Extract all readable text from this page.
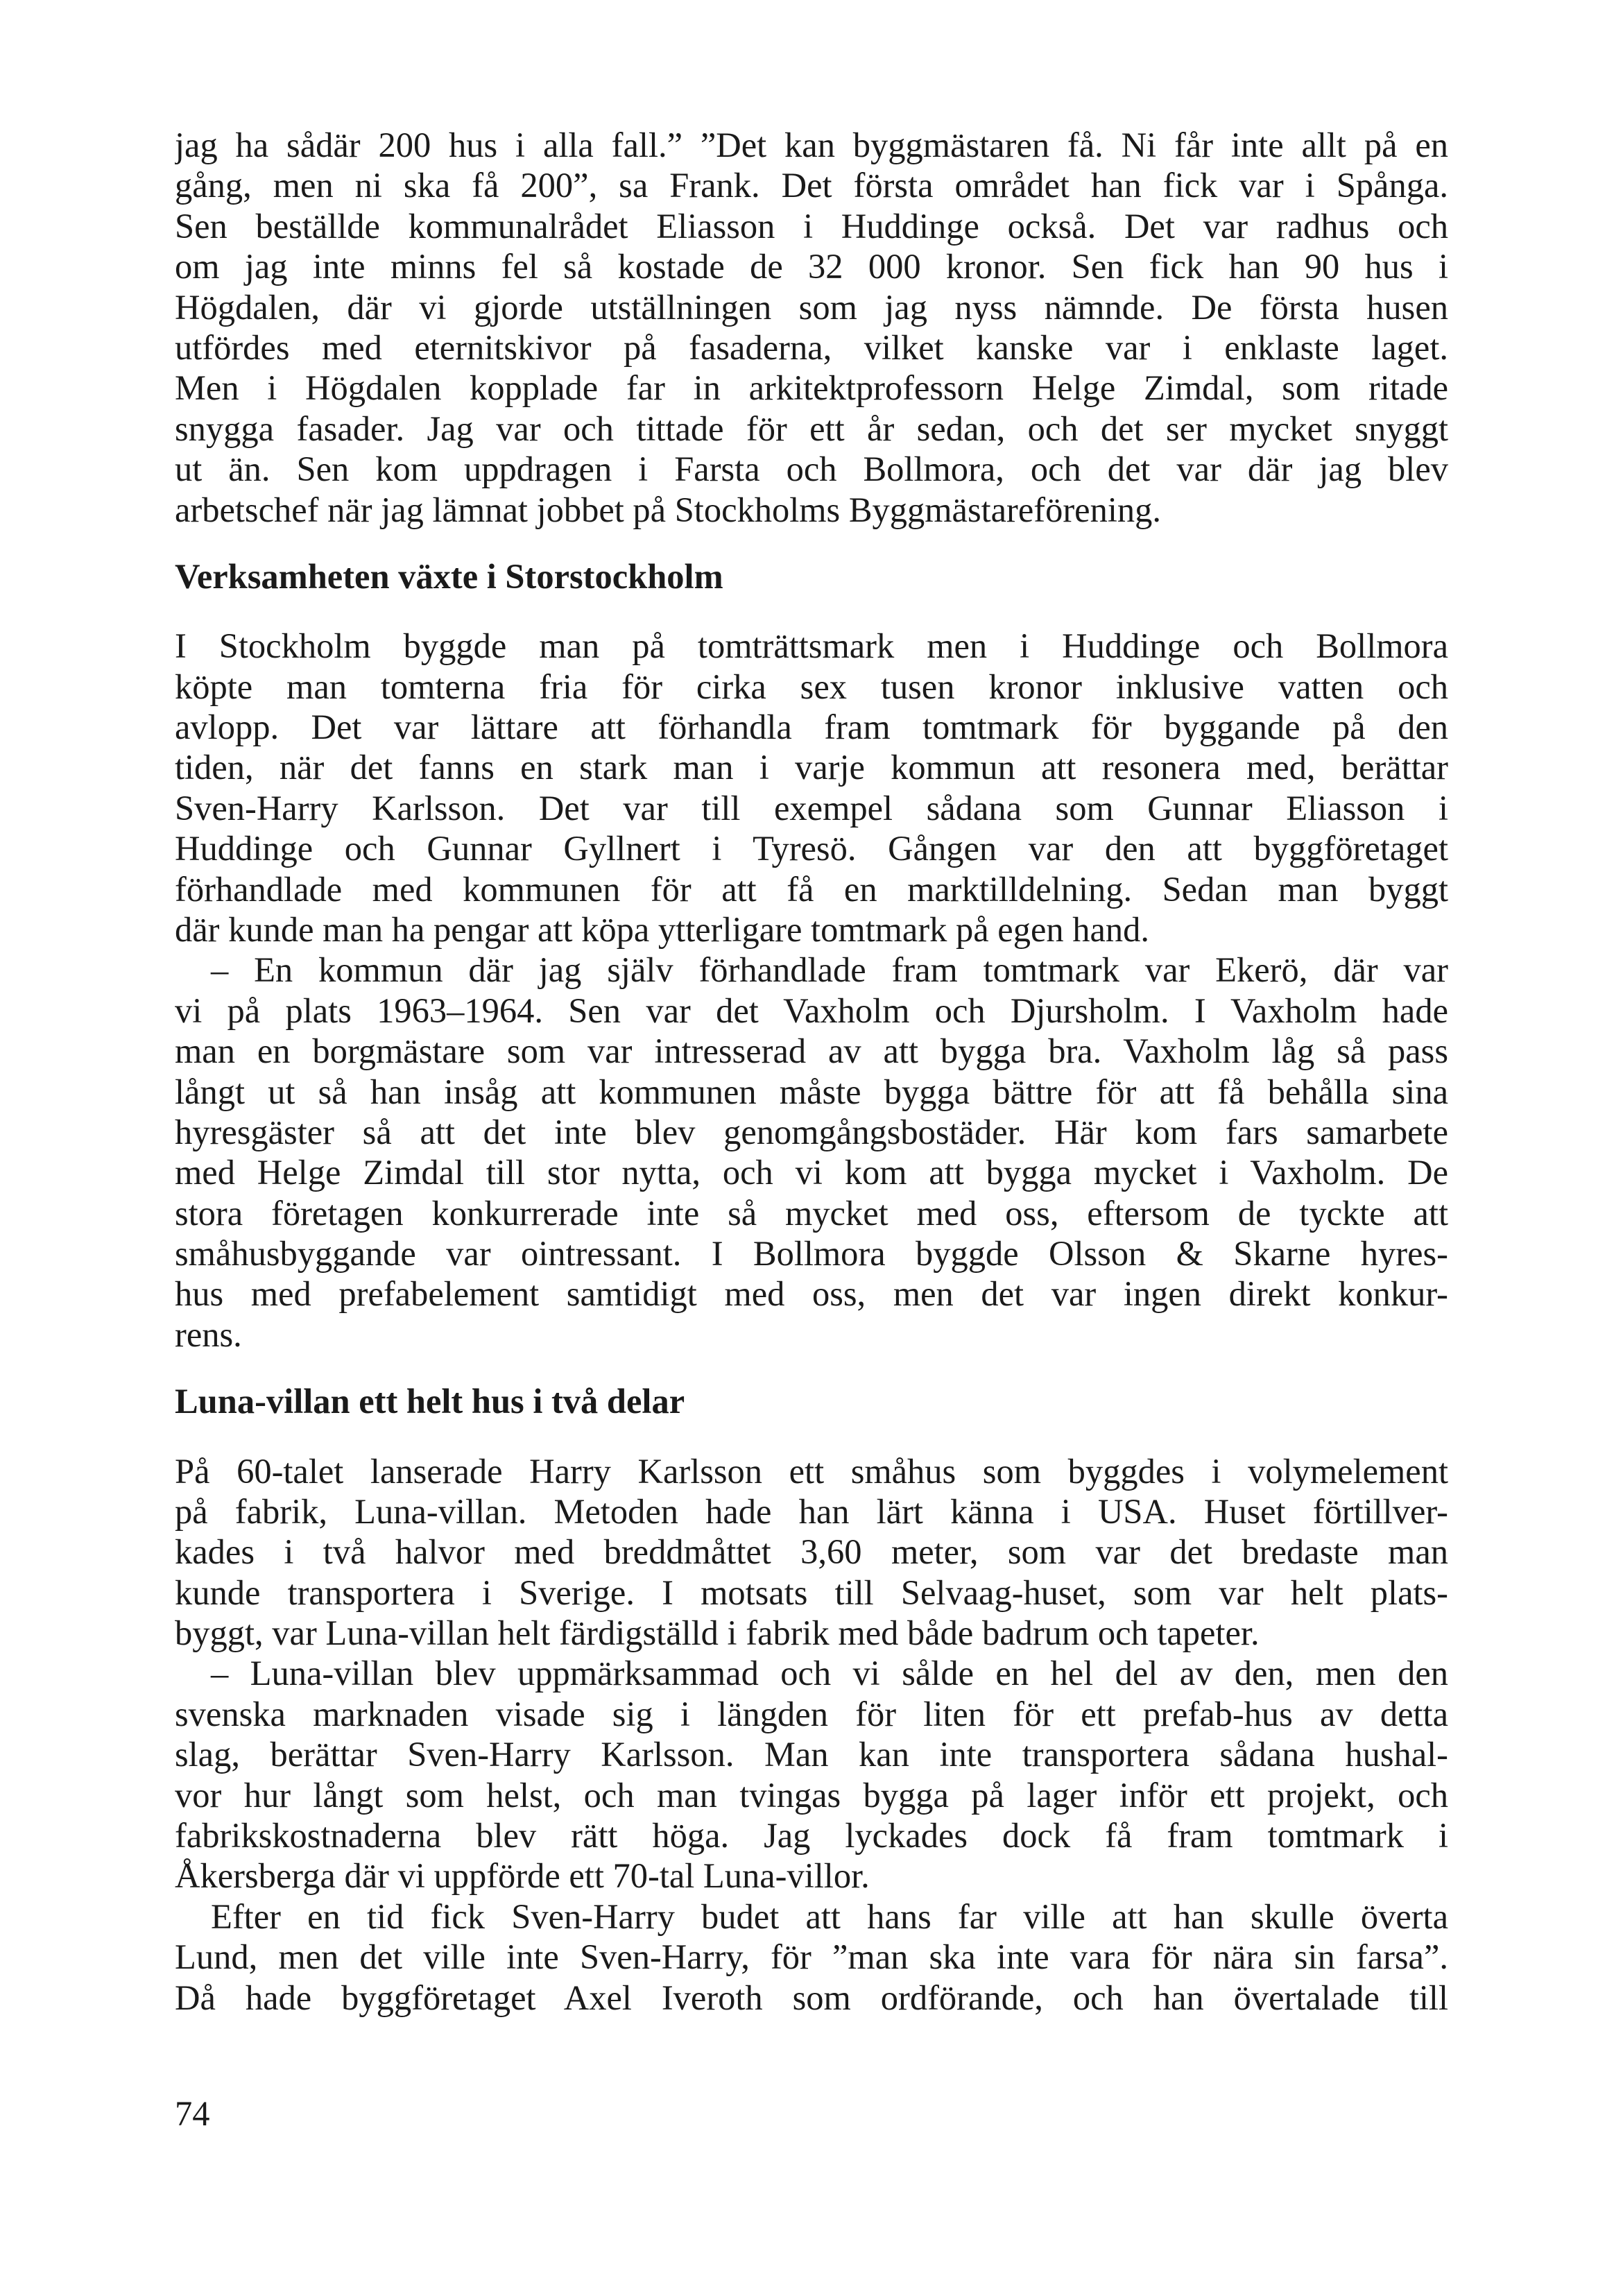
jag ha sådär 200 hus i alla fall.” ”Det kan byggmästaren få. Ni får inte allt på en
gång, men ni ska få 200”, sa Frank. Det första området han fick var i Spånga.
Sen beställde kommunalrådet Eliasson i Huddinge också. Det var radhus och
om jag inte minns fel så kostade de 32 000 kronor. Sen fick han 90 hus i
Högdalen, där vi gjorde utställningen som jag nyss nämnde. De första husen
utfördes med eternitskivor på fasaderna, vilket kanske var i enklaste laget.
Men i Högdalen kopplade far in arkitektprofessorn Helge Zimdal, som ritade
snygga fasader. Jag var och tittade för ett år sedan, och det ser mycket snyggt
ut än. Sen kom uppdragen i Farsta och Bollmora, och det var där jag blev
arbetschef när jag lämnat jobbet på Stockholms Byggmästareförening.
Verksamheten växte i Storstockholm
I Stockholm byggde man på tomträttsmark men i Huddinge och Bollmora
köpte man tomterna fria för cirka sex tusen kronor inklusive vatten och
avlopp. Det var lättare att förhandla fram tomtmark för byggande på den
tiden, när det fanns en stark man i varje kommun att resonera med, berättar
Sven-Harry Karlsson. Det var till exempel sådana som Gunnar Eliasson i
Huddinge och Gunnar Gyllnert i Tyresö. Gången var den att byggföretaget
förhandlade med kommunen för att få en marktilldelning. Sedan man byggt
där kunde man ha pengar att köpa ytterligare tomtmark på egen hand.
– En kommun där jag själv förhandlade fram tomtmark var Ekerö, där var
vi på plats 1963–1964. Sen var det Vaxholm och Djursholm. I Vaxholm hade
man en borgmästare som var intresserad av att bygga bra. Vaxholm låg så pass
långt ut så han insåg att kommunen måste bygga bättre för att få behålla sina
hyresgäster så att det inte blev genomgångsbostäder. Här kom fars samarbete
med Helge Zimdal till stor nytta, och vi kom att bygga mycket i Vaxholm. De
stora företagen konkurrerade inte så mycket med oss, eftersom de tyckte att
småhusbyggande var ointressant. I Bollmora byggde Olsson & Skarne hyres-
hus med prefabelement samtidigt med oss, men det var ingen direkt konkur-
rens.
Luna-villan ett helt hus i två delar
På 60-talet lanserade Harry Karlsson ett småhus som byggdes i volymelement
på fabrik, Luna-villan. Metoden hade han lärt känna i USA. Huset förtillver-
kades i två halvor med breddmåttet 3,60 meter, som var det bredaste man
kunde transportera i Sverige. I motsats till Selvaag-huset, som var helt plats-
byggt, var Luna-villan helt färdigställd i fabrik med både badrum och tapeter.
– Luna-villan blev uppmärksammad och vi sålde en hel del av den, men den
svenska marknaden visade sig i längden för liten för ett prefab-hus av detta
slag, berättar Sven-Harry Karlsson. Man kan inte transportera sådana hushal-
vor hur långt som helst, och man tvingas bygga på lager inför ett projekt, och
fabrikskostnaderna blev rätt höga. Jag lyckades dock få fram tomtmark i
Åkersberga där vi uppförde ett 70-tal Luna-villor.
Efter en tid fick Sven-Harry budet att hans far ville att han skulle överta
Lund, men det ville inte Sven-Harry, för ”man ska inte vara för nära sin farsa”.
Då hade byggföretaget Axel Iveroth som ordförande, och han övertalade till
74
